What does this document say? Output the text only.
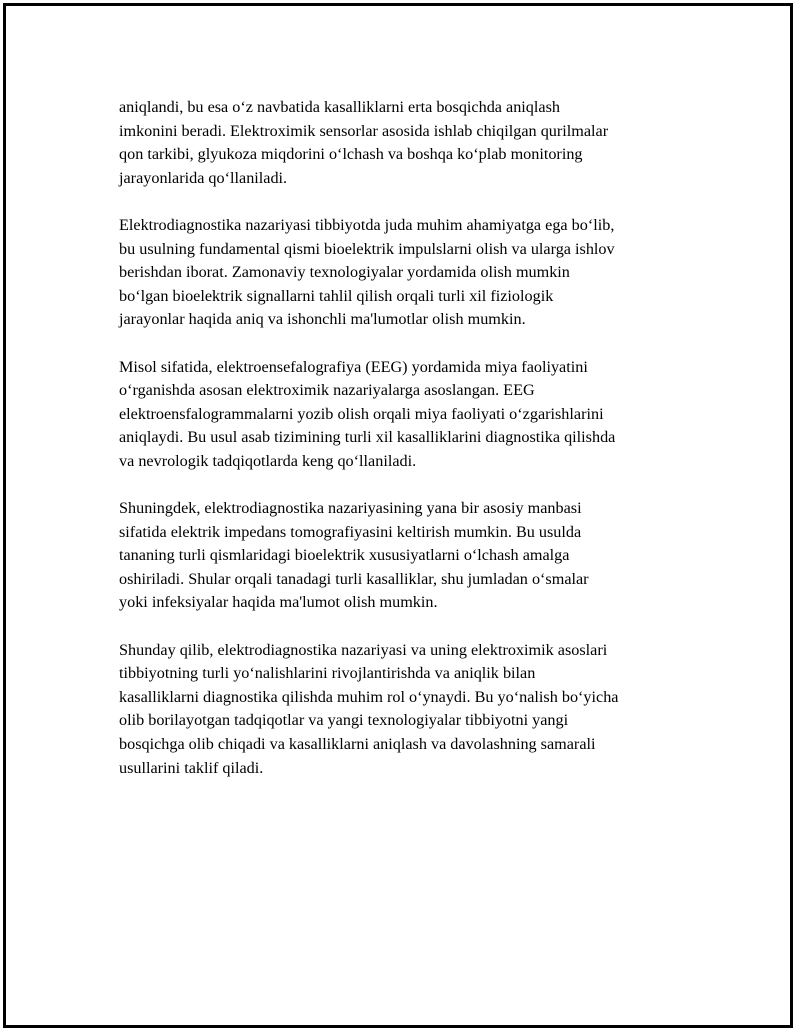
aniqlandi, bu esa o‘z navbatida kasalliklarni erta bosqichda aniqlash
imkonini beradi. Elektroximik sensorlar asosida ishlab chiqilgan qurilmalar
qon tarkibi, glyukoza miqdorini o‘lchash va boshqa ko‘plab monitoring
jarayonlarida qo‘llaniladi.

Elektrodiagnostika nazariyasi tibbiyotda juda muhim ahamiyatga ega bo‘lib,
bu usulning fundamental qismi bioelektrik impulslarni olish va ularga ishlov
berishdan iborat. Zamonaviy texnologiyalar yordamida olish mumkin
bo‘lgan bioelektrik signallarni tahlil qilish orqali turli xil fiziologik
jarayonlar haqida aniq va ishonchli ma'lumotlar olish mumkin.

Misol sifatida, elektroensefalografiya (EEG) yordamida miya faoliyatini
o‘rganishda asosan elektroximik nazariyalarga asoslangan. EEG
elektroensfalogrammalarni yozib olish orqali miya faoliyati o‘zgarishlarini
aniqlaydi. Bu usul asab tizimining turli xil kasalliklarini diagnostika qilishda
va nevrologik tadqiqotlarda keng qo‘llaniladi.

Shuningdek, elektrodiagnostika nazariyasining yana bir asosiy manbasi
sifatida elektrik impedans tomografiyasini keltirish mumkin. Bu usulda
tananing turli qismlaridagi bioelektrik xususiyatlarni o‘lchash amalga
oshiriladi. Shular orqali tanadagi turli kasalliklar, shu jumladan o‘smalar
yoki infeksiyalar haqida ma'lumot olish mumkin.

Shunday qilib, elektrodiagnostika nazariyasi va uning elektroximik asoslari
tibbiyotning turli yo‘nalishlarini rivojlantirishda va aniqlik bilan
kasalliklarni diagnostika qilishda muhim rol o‘ynaydi. Bu yo‘nalish bo‘yicha
olib borilayotgan tadqiqotlar va yangi texnologiyalar tibbiyotni yangi
bosqichga olib chiqadi va kasalliklarni aniqlash va davolashning samarali
usullarini taklif qiladi.
